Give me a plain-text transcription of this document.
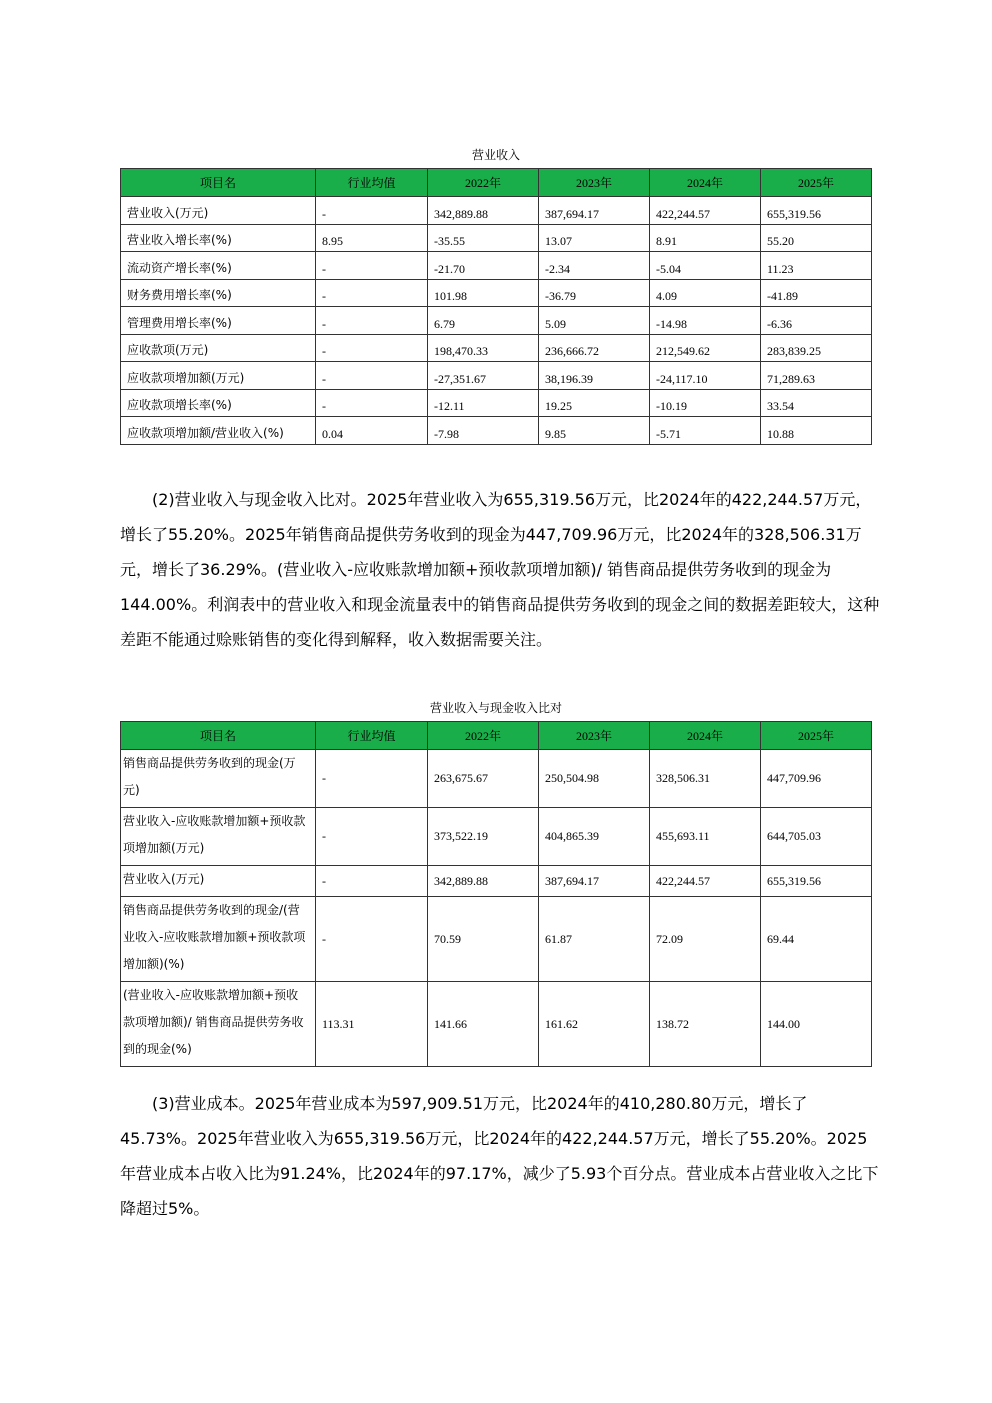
营业收入
项目名	行业均值	2022年	2023年	2024年	2025年
营业收入(万元)	-	342,889.88	387,694.17	422,244.57	655,319.56
营业收入增长率(%)	8.95	-35.55	13.07	8.91	55.20
流动资产增长率(%)	-	-21.70	-2.34	-5.04	11.23
财务费用增长率(%)	-	101.98	-36.79	4.09	-41.89
管理费用增长率(%)	-	6.79	5.09	-14.98	-6.36
应收款项(万元)	-	198,470.33	236,666.72	212,549.62	283,839.25
应收款项增加额(万元)	-	-27,351.67	38,196.39	-24,117.10	71,289.63
应收款项增长率(%)	-	-12.11	19.25	-10.19	33.54
应收款项增加额/营业收入(%)	0.04	-7.98	9.85	-5.71	10.88
(2)营业收入与现金收入比对。2025年营业收入为655,319.56万元，比2024年的422,244.57万元，增长了55.20%。2025年销售商品提供劳务收到的现金为447,709.96万元，比2024年的328,506.31万元，增长了36.29%。(营业收入-应收账款增加额+预收款项增加额)/ 销售商品提供劳务收到的现金为144.00%。利润表中的营业收入和现金流量表中的销售商品提供劳务收到的现金之间的数据差距较大，这种差距不能通过赊账销售的变化得到解释，收入数据需要关注。
营业收入与现金收入比对
项目名	行业均值	2022年	2023年	2024年	2025年
销售商品提供劳务收到的现金(万元)	-	263,675.67	250,504.98	328,506.31	447,709.96
营业收入-应收账款增加额+预收款项增加额(万元)	-	373,522.19	404,865.39	455,693.11	644,705.03
营业收入(万元)	-	342,889.88	387,694.17	422,244.57	655,319.56
销售商品提供劳务收到的现金/(营业收入-应收账款增加额+预收款项增加额)(%)	-	70.59	61.87	72.09	69.44
(营业收入-应收账款增加额+预收款项增加额)/ 销售商品提供劳务收到的现金(%)	113.31	141.66	161.62	138.72	144.00
(3)营业成本。2025年营业成本为597,909.51万元，比2024年的410,280.80万元，增长了45.73%。2025年营业收入为655,319.56万元，比2024年的422,244.57万元，增长了55.20%。2025年营业成本占收入比为91.24%，比2024年的97.17%，减少了5.93个百分点。营业成本占营业收入之比下降超过5%。
